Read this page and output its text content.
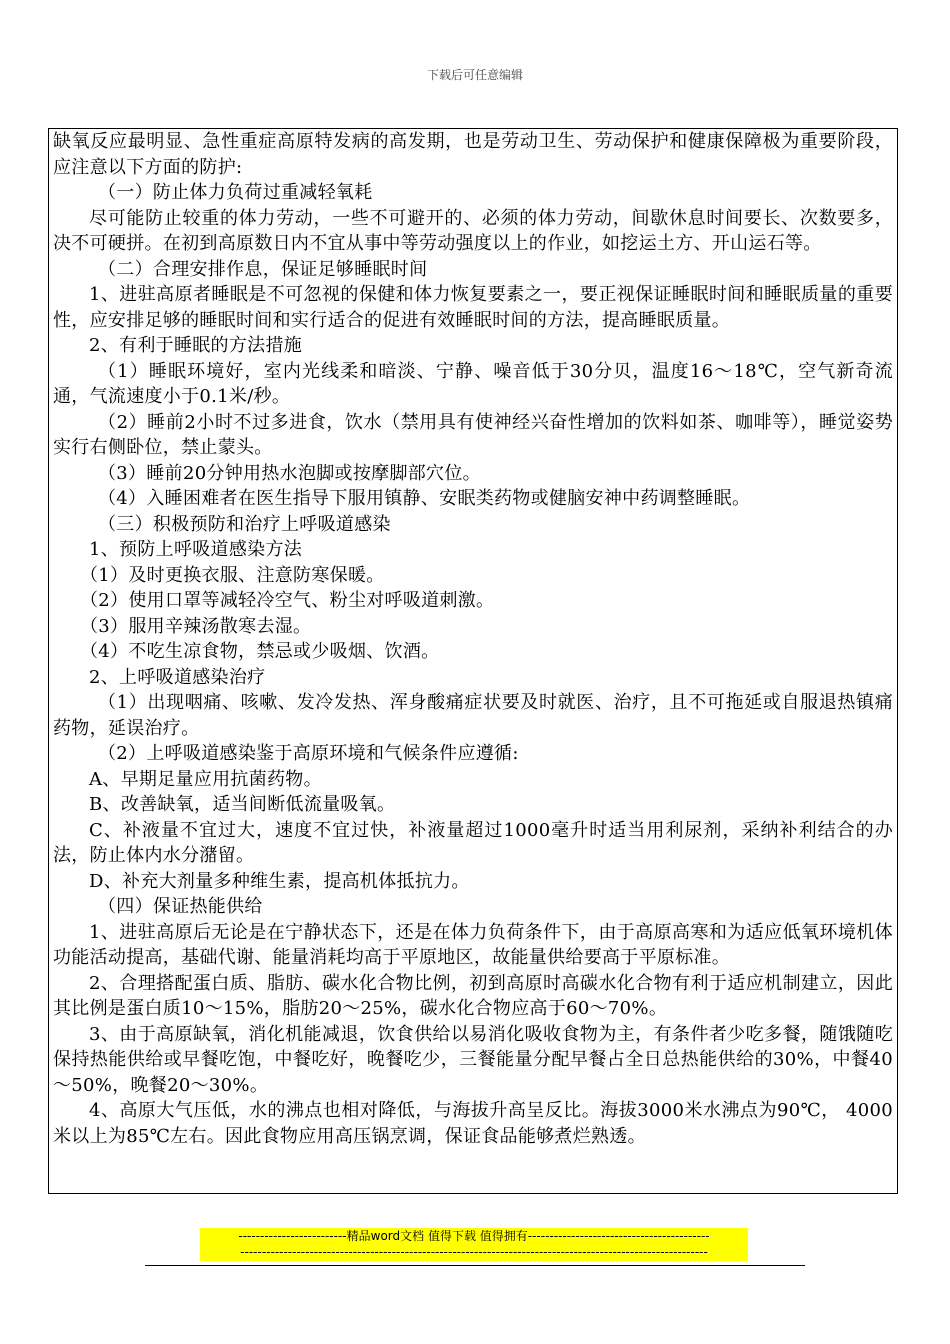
下载后可任意编辑

缺氧反应最明显、急性重症高原特发病的高发期，也是劳动卫生、劳动保护和健康保障极为重要阶段，应注意以下方面的防护:

（一）防止体力负荷过重减轻氧耗

尽可能防止较重的体力劳动，一些不可避开的、必须的体力劳动，间歇休息时间要长、次数要多，决不可硬拼。在初到高原数日内不宜从事中等劳动强度以上的作业，如挖运土方、开山运石等。

（二）合理安排作息，保证足够睡眠时间

1、进驻高原者睡眠是不可忽视的保健和体力恢复要素之一，要正视保证睡眠时间和睡眠质量的重要性，应安排足够的睡眠时间和实行适合的促进有效睡眠时间的方法，提高睡眠质量。

2、有利于睡眠的方法措施

（1）睡眠环境好，室内光线柔和暗淡、宁静、噪音低于30分贝，温度16～18℃，空气新奇流通，气流速度小于0.1米/秒。

（2）睡前2小时不过多进食，饮水（禁用具有使神经兴奋性增加的饮料如茶、咖啡等），睡觉姿势实行右侧卧位，禁止蒙头。

（3）睡前20分钟用热水泡脚或按摩脚部穴位。

（4）入睡困难者在医生指导下服用镇静、安眠类药物或健脑安神中药调整睡眠。

（三）积极预防和治疗上呼吸道感染

1、预防上呼吸道感染方法

（1）及时更换衣服、注意防寒保暖。

（2）使用口罩等减轻冷空气、粉尘对呼吸道刺激。

（3）服用辛辣汤散寒去湿。

（4）不吃生凉食物，禁忌或少吸烟、饮酒。

2、上呼吸道感染治疗

（1）出现咽痛、咳嗽、发冷发热、浑身酸痛症状要及时就医、治疗，且不可拖延或自服退热镇痛药物，延误治疗。

（2）上呼吸道感染鉴于高原环境和气候条件应遵循:

A、早期足量应用抗菌药物。

B、改善缺氧，适当间断低流量吸氧。

C、补液量不宜过大，速度不宜过快，补液量超过1000毫升时适当用利尿剂，采纳补利结合的办法，防止体内水分潴留。

D、补充大剂量多种维生素，提高机体抵抗力。

（四）保证热能供给

1、进驻高原后无论是在宁静状态下，还是在体力负荷条件下，由于高原高寒和为适应低氧环境机体功能活动提高，基础代谢、能量消耗均高于平原地区，故能量供给要高于平原标准。

2、合理搭配蛋白质、脂肪、碳水化合物比例，初到高原时高碳水化合物有利于适应机制建立，因此其比例是蛋白质10～15%，脂肪20～25%，碳水化合物应高于60～70%。

3、由于高原缺氧，消化机能减退，饮食供给以易消化吸收食物为主，有条件者少吃多餐，随饿随吃保持热能供给或早餐吃饱，中餐吃好，晚餐吃少，三餐能量分配早餐占全日总热能供给的30%，中餐40～50%，晚餐20～30%。

4、高原大气压低，水的沸点也相对降低，与海拔升高呈反比。海拔3000米水沸点为90℃， 4000米以上为85℃左右。因此食物应用高压锅烹调，保证食品能够煮烂熟透。

-------------------------精品word文档 值得下载 值得拥有------------------------------------------
------------------------------------------------------------------------------------------------------------
